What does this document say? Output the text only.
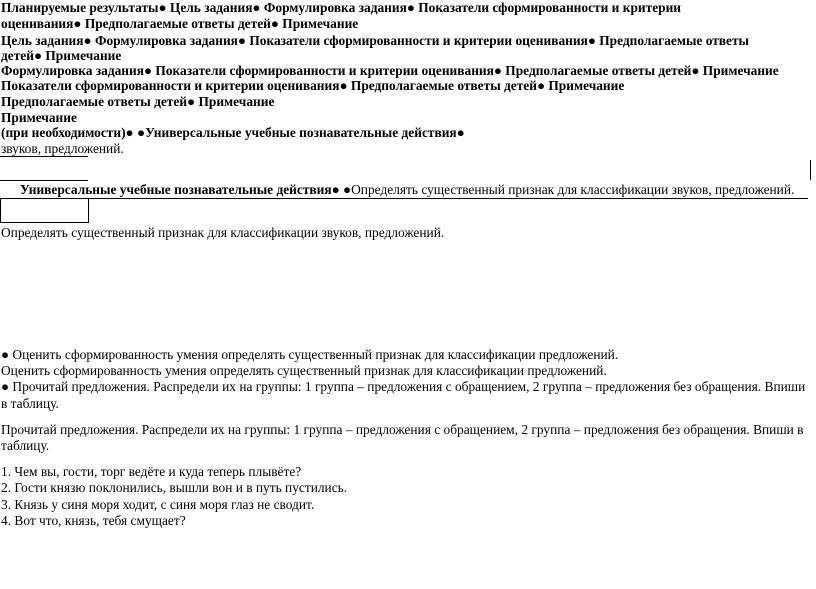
Планируемые результаты● Цель задания● Формулировка задания● Показатели сформированности и критерии
оценивания● Предполагаемые ответы детей● Примечание
Цель задания● Формулировка задания● Показатели сформированности и критерии оценивания● Предполагаемые ответы
детей● Примечание
Формулировка задания● Показатели сформированности и критерии оценивания● Предполагаемые ответы детей● Примечание
Показатели сформированности и критерии оценивания● Предполагаемые ответы детей● Примечание
Предполагаемые ответы детей● Примечание
Примечание
(при необходимости)● ●Универсальные учебные познавательные действия●
звуков, предложений.
Универсальные учебные познавательные действия● ●Определять существенный признак для классификации звуков, предложений.
Определять существенный признак для классификации звуков, предложений.
● Оценить сформированность умения определять существенный признак для классификации предложений.
Оценить сформированность умения определять существенный признак для классификации предложений.
● Прочитай предложения. Распредели их на группы: 1 группа – предложения с обращением, 2 группа – предложения без обращения. Впиши
в таблицу.
Прочитай предложения. Распредели их на группы: 1 группа – предложения с обращением, 2 группа – предложения без обращения. Впиши в
таблицу.
1. Чем вы, гости, торг ведёте и куда теперь плывёте?
2. Гости князю поклонились, вышли вон и в путь пустились.
3. Князь у синя моря ходит, с синя моря глаз не сводит.
4. Вот что, князь, тебя смущает?
